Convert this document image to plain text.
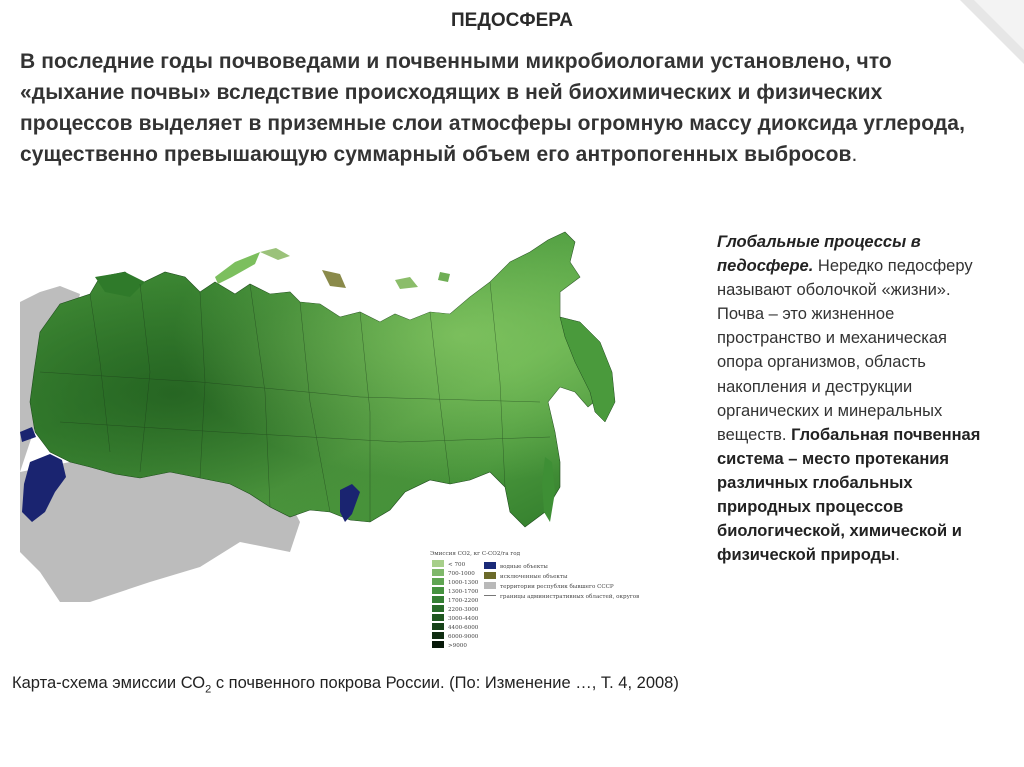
ПЕДОСФЕРА
В последние годы почвоведами и почвенными микробиологами установлено, что «дыхание почвы» вследствие происходящих в ней биохимических и физических процессов выделяет в приземные слои атмосферы огромную массу диоксида углерода, существенно превышающую суммарный объем его антропогенных выбросов.
Эмиссия СО2, кг С-СО2/га год
< 700
700-1000
1000-1300
1300-1700
1700-2200
2200-3000
3000-4400
4400-6000
6000-9000
>9000
водные объекты
исключенные объекты
территории республик бывшего СССР
границы административных областей, округов
Глобальные процессы в педосфере. Нередко педосферу называют оболочкой «жизни». Почва – это жизненное пространство и механическая опора организмов, область накопления и деструкции органических и минеральных веществ. Глобальная почвенная система – место протекания различных глобальных природных процессов биологической, химической и физической природы.
Карта-схема эмиссии $СО_2$ с почвенного покрова России. (По: Изменение …, Т. 4, 2008)
